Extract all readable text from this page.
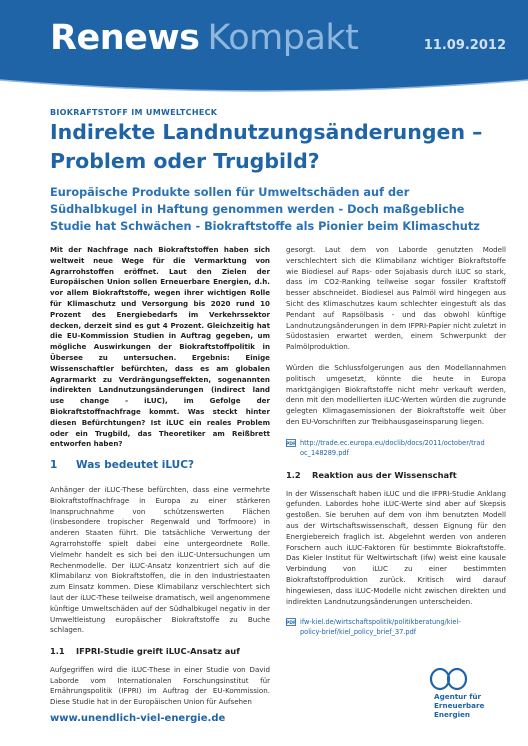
Renews Kompakt	11.09.2012
BIOKRAFTSTOFF IM UMWELTCHECK
Indirekte Landnutzungsänderungen – Problem oder Trugbild?
Europäische Produkte sollen für Umweltschäden auf der Südhalbkugel in Haftung genommen werden - Doch maßgebliche Studie hat Schwächen - Biokraftstoffe als Pionier beim Klimaschutz

Mit der Nachfrage nach Biokraftstoffen haben sich weltweit neue Wege für die Vermarktung von Agrarrohstoffen eröffnet. Laut den Zielen der Europäischen Union sollen Erneuerbare Energien, d.h. vor allem Biokraftstoffe, wegen ihrer wichtigen Rolle für Klimaschutz und Versorgung bis 2020 rund 10 Prozent des Energiebedarfs im Verkehrssektor decken, derzeit sind es gut 4 Prozent. Gleichzeitig hat die EU-Kommission Studien in Auftrag gegeben, um mögliche Auswirkungen der Biokraftstoffpolitik in Übersee zu untersuchen. Ergebnis: Einige Wissenschaftler befürchten, dass es am globalen Agrarmarkt zu Verdrängungseffekten, sogenannten indirekten Landnutzungsänderungen (indirect land use change - iLUC), im Gefolge der Biokraftstoffnachfrage kommt. Was steckt hinter diesen Befürchtungen? Ist iLUC ein reales Problem oder ein Trugbild, das Theoretiker am Reißbrett entworfen haben?

1	Was bedeutet iLUC?

Anhänger der iLUC-These befürchten, dass eine vermehrte Biokraftstoffnachfrage in Europa zu einer stärkeren Inanspruchnahme von schützenswerten Flächen (insbesondere tropischer Regenwald und Torfmoore) in anderen Staaten führt. Die tatsächliche Verwertung der Agrarrohstoffe spielt dabei eine untergeordnete Rolle. Vielmehr handelt es sich bei den iLUC-Untersuchungen um Rechenmodelle. Der iLUC-Ansatz konzentriert sich auf die Klimabilanz von Biokraftstoffen, die in den Industriestaaten zum Einsatz kommen. Diese Klimabilanz verschlechtert sich laut der iLUC-These teilweise dramatisch, weil angenommene künftige Umweltschäden auf der Südhalbkugel negativ in der Umweltleistung europäischer Biokraftstoffe zu Buche schlagen.

1.1	IFPRI-Studie greift iLUC-Ansatz auf

Aufgegriffen wird die iLUC-These in einer Studie von David Laborde vom Internationalen Forschungsinstitut für Ernährungspolitik (IFPRI) im Auftrag der EU-Kommission. Diese Studie hat in der Europäischen Union für Aufsehen

gesorgt. Laut dem von Laborde genutzten Modell verschlechtert sich die Klimabilanz wichtiger Biokraftstoffe wie Biodiesel auf Raps- oder Sojabasis durch iLUC so stark, dass im CO2-Ranking teilweise sogar fossiler Kraftstoff besser abschneidet. Biodiesel aus Palmöl wird hingegen aus Sicht des Klimaschutzes kaum schlechter eingestuft als das Pendant auf Rapsölbasis - und das obwohl künftige Landnutzungsänderungen in dem IFPRI-Papier nicht zuletzt in Südostasien erwartet werden, einem Schwerpunkt der Palmölproduktion.

Würden die Schlussfolgerungen aus den Modellannahmen politisch umgesetzt, könnte die heute in Europa marktgängigen Biokraftstoffe nicht mehr verkauft werden, denn mit den modellierten iLUC-Werten würden die zugrunde gelegten Klimagasemissionen der Biokraftstoffe weit über den EU-Vorschriften zur Treibhausgaseinsparung liegen.

PDF http://trade.ec.europa.eu/doclib/docs/2011/october/trad
oc_148289.pdf
1.2	Reaktion aus der Wissenschaft

In der Wissenschaft haben iLUC und die IFPRI-Studie Anklang gefunden. Labordes hohe iLUC-Werte sind aber auf Skepsis gestoßen. Sie beruhen auf dem von ihm benutzten Modell aus der Wirtschaftswissenschaft, dessen Eignung für den Energiebereich fraglich ist. Abgelehnt werden von anderen Forschern auch iLUC-Faktoren für bestimmte Biokraftstoffe. Das Kieler Institut für Weltwirtschaft (ifw) weist eine kausale Verbindung von iLUC zu einer bestimmten Biokraftstoffproduktion zurück. Kritisch wird darauf hingewiesen, dass iLUC-Modelle nicht zwischen direkten und indirekten Landnutzungsänderungen unterscheiden.

PDF ifw-kiel.de/wirtschaftspolitik/politikberatung/kiel-
policy-brief/kiel_policy_brief_37.pdf
www.unendlich-viel-energie.de
Agentur für
Erneuerbare
Energien
